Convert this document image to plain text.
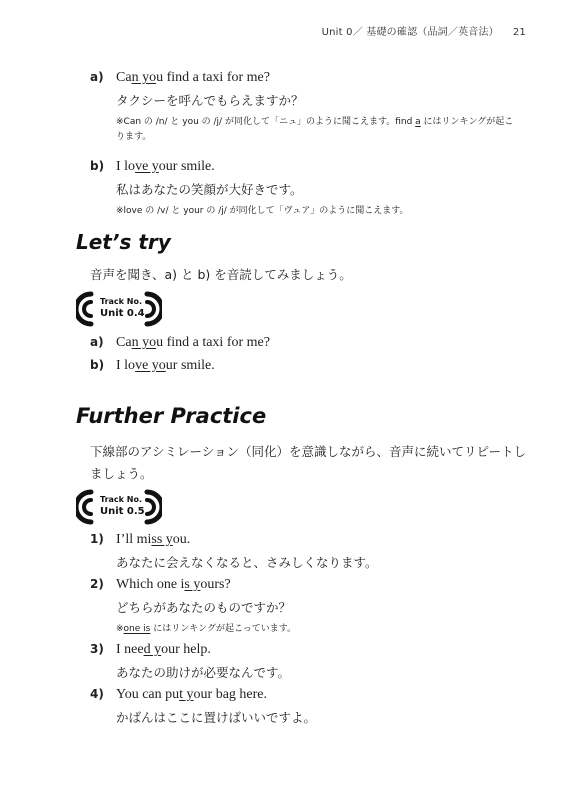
Unit 0／ 基礎の確認（品詞／英音法） 21
a) Can you find a taxi for me?
タクシーを呼んでもらえますか？
※Can の /n/ と you の /j/ が同化して「ニュ」のように聞こえます。find a にはリンキングが起こります。
b) I love your smile.
私はあなたの笑顔が大好きです。
※love の /v/ と your の /j/ が同化して「ヴュア」のように聞こえます。
Let’s try
音声を聞き、a) と b) を音読してみましょう。
Track No.
Unit 0.4
a) Can you find a taxi for me?
b) I love your smile.
Further Practice
下線部のアシミレーション（同化）を意識しながら、音声に続いてリピートしましょう。
Track No.
Unit 0.5
1) I’ll miss you.
あなたに会えなくなると、さみしくなります。
2) Which one is yours?
どちらがあなたのものですか？
※one is にはリンキングが起こっています。
3) I need your help.
あなたの助けが必要なんです。
4) You can put your bag here.
かばんはここに置けばいいですよ。
